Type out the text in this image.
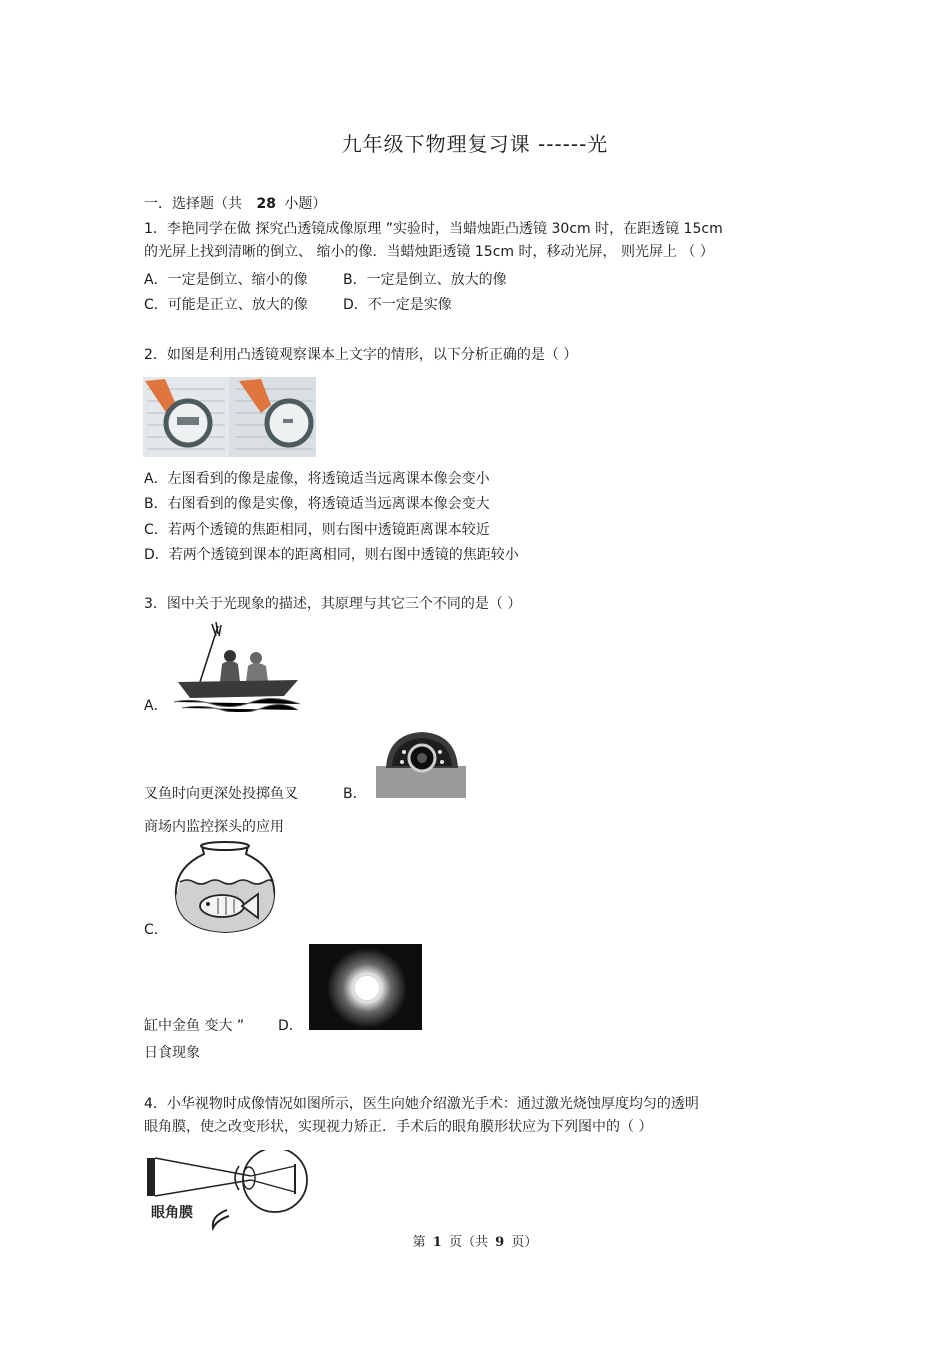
九年级下物理复习课 ------光
一．选择题（共 28 小题）
1．李艳同学在做 探究凸透镜成像原理 ”实验时，当蜡烛距凸透镜 30cm 时，在距透镜 15cm
的光屏上找到清晰的倒立、 缩小的像．当蜡烛距透镜 15cm 时，移动光屏， 则光屏上 （ ）
A．一定是倒立、缩小的像	B．一定是倒立、放大的像
C．可能是正立、放大的像	D．不一定是实像
2．如图是利用凸透镜观察课本上文字的情形，以下分析正确的是（ ）
A．左图看到的像是虚像，将透镜适当远离课本像会变小
B．右图看到的像是实像，将透镜适当远离课本像会变大
C．若两个透镜的焦距相同，则右图中透镜距离课本较近
D．若两个透镜到课本的距离相同，则右图中透镜的焦距较小
3．图中关于光现象的描述，其原理与其它三个不同的是（ ）
A．
叉鱼时向更深处投掷鱼叉	B．
商场内监控探头的应用
C．
缸中金鱼 变大 ” D．
日食现象
4．小华视物时成像情况如图所示，医生向她介绍激光手术：通过激光烧蚀厚度均匀的透明
眼角膜，使之改变形状，实现视力矫正．手术后的眼角膜形状应为下列图中的（ ）
眼角膜
第 1 页（共 9 页）
